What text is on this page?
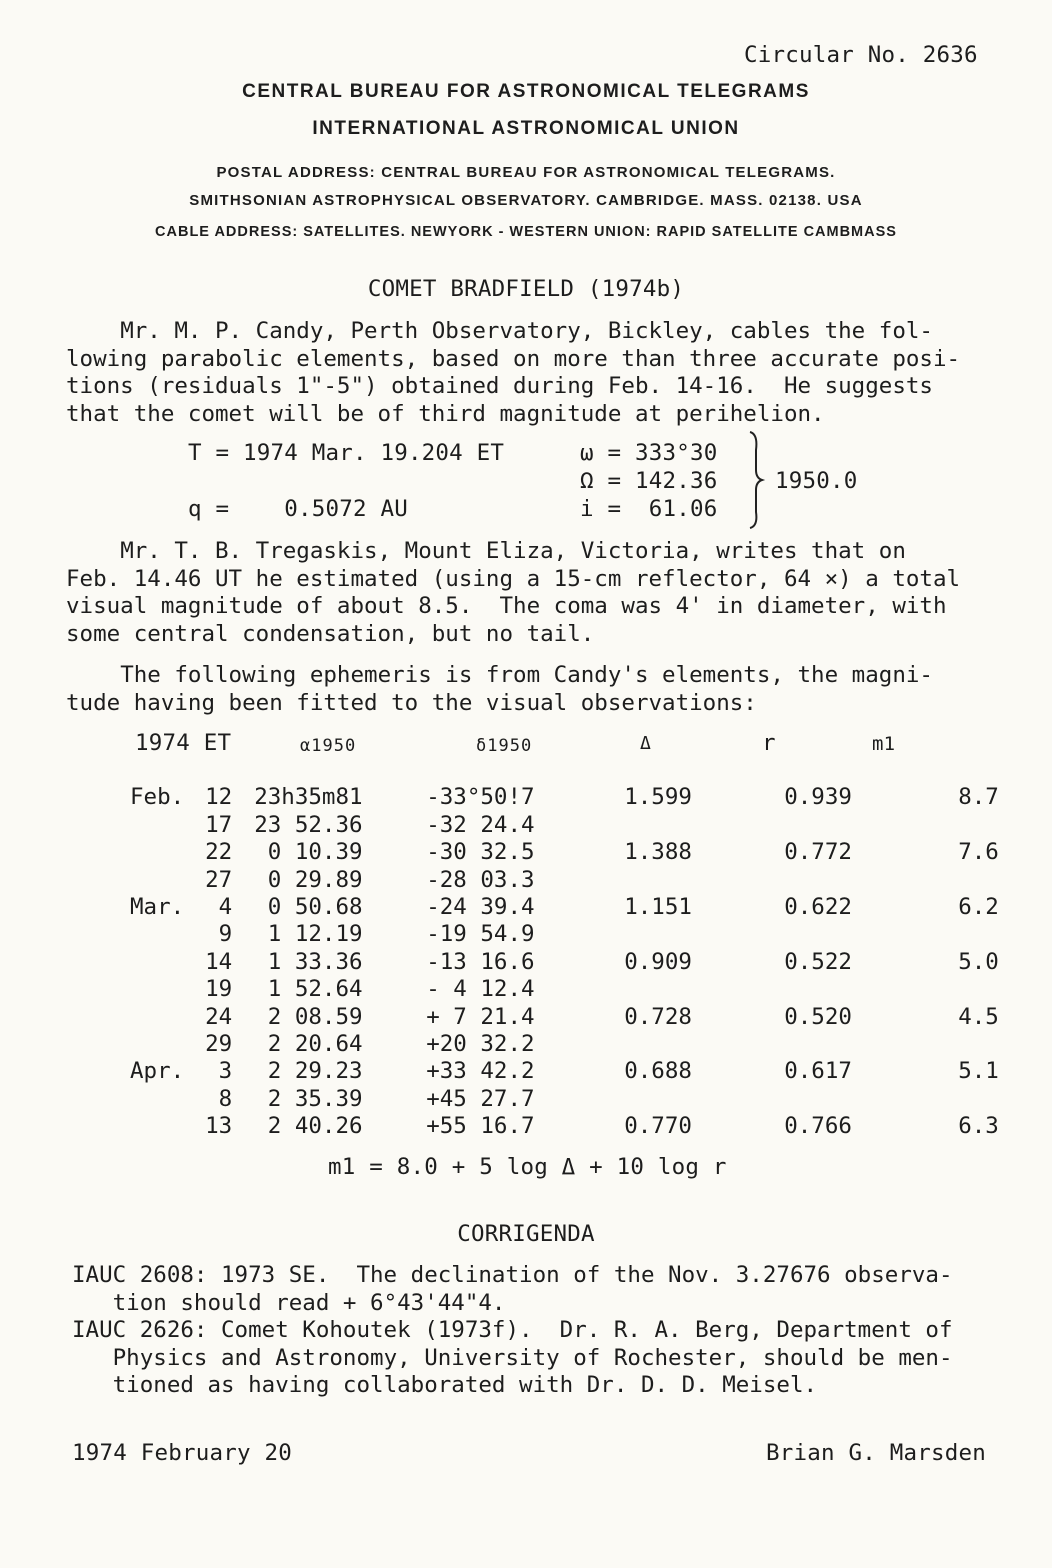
Circular No. 2636
CENTRAL BUREAU FOR ASTRONOMICAL TELEGRAMS
INTERNATIONAL ASTRONOMICAL UNION
POSTAL ADDRESS: CENTRAL BUREAU FOR ASTRONOMICAL TELEGRAMS.
SMITHSONIAN ASTROPHYSICAL OBSERVATORY. CAMBRIDGE. MASS. 02138. USA
CABLE ADDRESS: SATELLITES. NEWYORK - WESTERN UNION: RAPID SATELLITE CAMBMASS
COMET BRADFIELD (1974b)
Mr. M. P. Candy, Perth Observatory, Bickley, cables the fol-
lowing parabolic elements, based on more than three accurate posi-
tions (residuals 1"-5") obtained during Feb. 14-16.  He suggests
that the comet will be of third magnitude at perihelion.
T = 1974 Mar. 19.204 ET
q =    0.5072 AU
ω = 333°30
Ω = 142.36
i =  61.06
1950.0
Mr. T. B. Tregaskis, Mount Eliza, Victoria, writes that on
Feb. 14.46 UT he estimated (using a 15-cm reflector, 64 ×) a total
visual magnitude of about 8.5.  The coma was 4' in diameter, with
some central condensation, but no tail.
The following ephemeris is from Candy's elements, the magni-
tude having been fitted to the visual observations:
1974 ET	α1950	δ1950	Δ	r	m1
Feb.	12	23h35m81	-33°50!7	1.599	0.939	8.7
	17	23 52.36	-32 24.4			
	22	0 10.39	-30 32.5	1.388	0.772	7.6
	27	0 29.89	-28 03.3			
Mar.	4	0 50.68	-24 39.4	1.151	0.622	6.2
	9	1 12.19	-19 54.9			
	14	1 33.36	-13 16.6	0.909	0.522	5.0
	19	1 52.64	- 4 12.4			
	24	2 08.59	+ 7 21.4	0.728	0.520	4.5
	29	2 20.64	+20 32.2			
Apr.	3	2 29.23	+33 42.2	0.688	0.617	5.1
	8	2 35.39	+45 27.7			
	13	2 40.26	+55 16.7	0.770	0.766	6.3
m1 = 8.0 + 5 log Δ + 10 log r
CORRIGENDA
IAUC 2608: 1973 SE.  The declination of the Nov. 3.27676 observa-
tion should read + 6°43'44"4.
IAUC 2626: Comet Kohoutek (1973f).  Dr. R. A. Berg, Department of
Physics and Astronomy, University of Rochester, should be men-
tioned as having collaborated with Dr. D. D. Meisel.
1974 February 20	Brian G. Marsden
